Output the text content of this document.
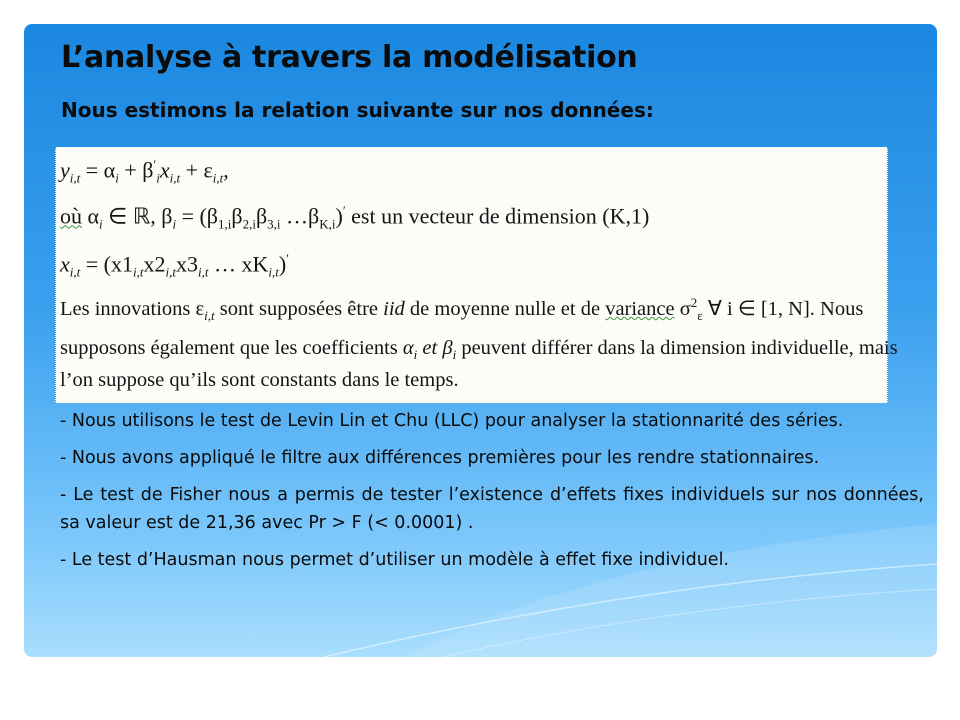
L’analyse à travers la modélisation
Nous estimons la relation suivante sur nos données:
$y_{i,t} = \alpha_i + \beta'_ix_{i,t} + \varepsilon_{i,t}$,
où $\alpha_i$ ∈ ℝ, $\beta_i = (\beta_{1,i}\beta_{2,i}\beta_{3,i}$ $\dots\beta_{K,i})'$ est un vecteur de dimension (K,1)
$x_{i,t} = (x1_{i,t}x2_{i,t}x3_{i,t}$ … $xK_{i,t})'$
Les innovations $\varepsilon_{i,t}$ sont supposées être iid de moyenne nulle et de variance $\sigma^2_\varepsilon$ ∀ i ∈ [1, N]. Nous
supposons également que les coefficients $\alpha_i$ et $\beta_i$ peuvent différer dans la dimension individuelle, mais
l’on suppose qu’ils sont constants dans le temps.

- Nous utilisons le test de Levin Lin et Chu (LLC) pour analyser la stationnarité des séries.

- Nous avons appliqué le filtre aux différences premières pour les rendre stationnaires.

- Le test de Fisher nous a permis de tester l’existence d’effets fixes individuels sur nos données, sa valeur est de 21,36 avec Pr > F (< 0.0001) .

- Le test d’Hausman nous permet d’utiliser un modèle à effet fixe individuel.
